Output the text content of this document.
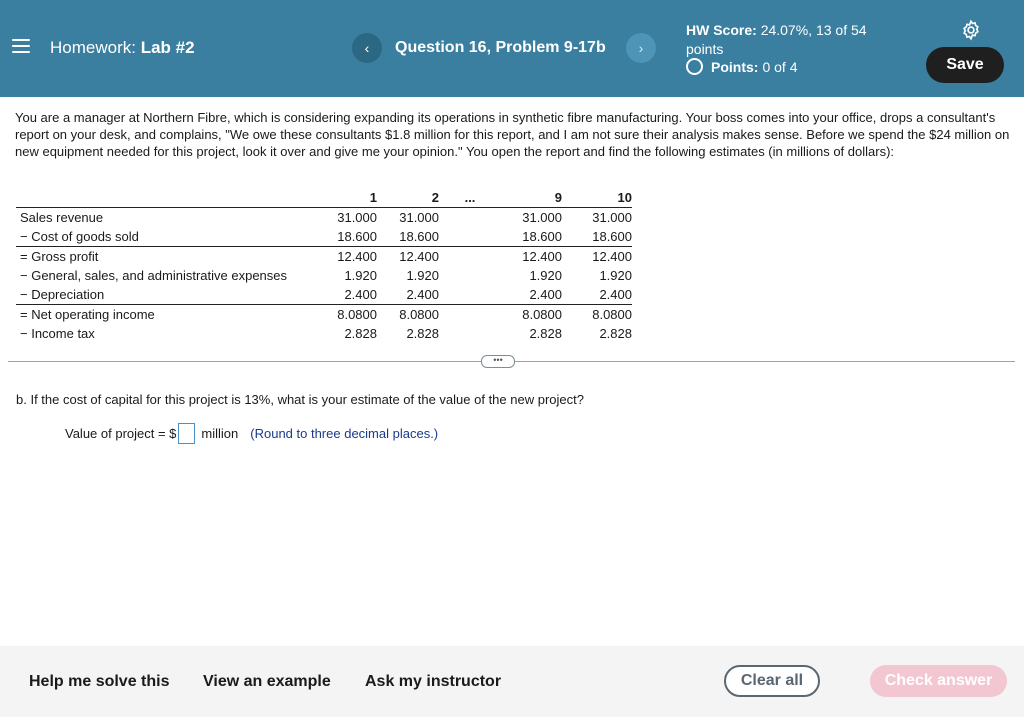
Homework: Lab #2	‹ Question 16, Problem 9-17b ›
HW Score: 24.07%, 13 of 54
points
Points: 0 of 4	Save
You are a manager at Northern Fibre, which is considering expanding its operations in synthetic fibre manufacturing. Your boss comes into your office, drops a consultant's report on your desk, and complains, "We owe these consultants $1.8 million for this report, and I am not sure their analysis makes sense. Before we spend the $24 million on new equipment needed for this project, look it over and give me your opinion." You open the report and find the following estimates (in millions of dollars):
	1	2	...	9	10
Sales revenue	31.000	31.000		31.000	31.000
− Cost of goods sold	18.600	18.600		18.600	18.600
= Gross profit	12.400	12.400		12.400	12.400
− General, sales, and administrative expenses	1.920	1.920		1.920	1.920
− Depreciation	2.400	2.400		2.400	2.400
= Net operating income	8.0800	8.0800		8.0800	8.0800
− Income tax	2.828	2.828		2.828	2.828
•••
b. If the cost of capital for this project is 13%, what is your estimate of the value of the new project?
Value of project = $ million (Round to three decimal places.)
Help me solve this View an example Ask my instructor	Clear all	Check answer
